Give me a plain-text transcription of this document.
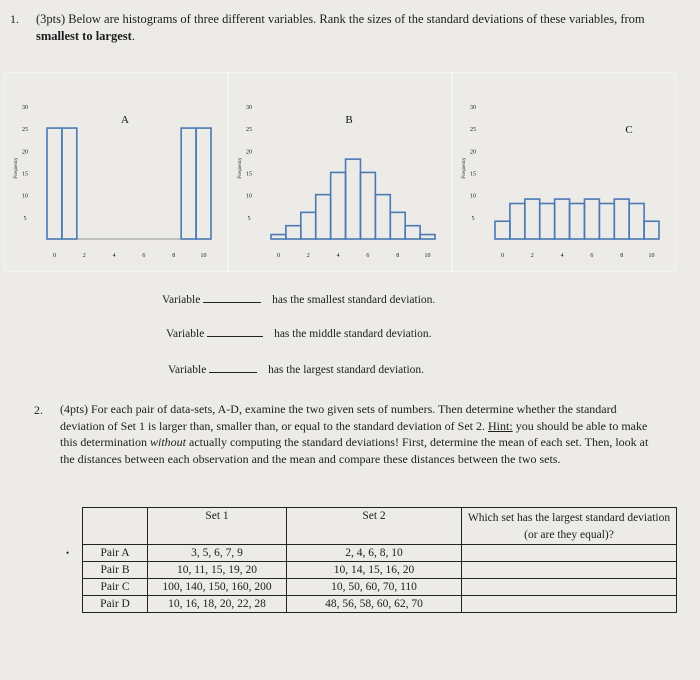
1. (3pts) Below are histograms of three different variables. Rank the sizes of the standard deviations of these variables, from smallest to largest.
30
25
20
15
10
5
Frequency
0	2	4	6	8	10
A
30
25
20
15
10
5
Frequency
0	2	4	6	8	10
B
30
25
20
15
10
5
Frequency
0	2	4	6	8	10
C
Variable	has the smallest standard deviation.
Variable	has the middle standard deviation.
Variable	has the largest standard deviation.
2. (4pts) For each pair of data-sets, A-D, examine the two given sets of numbers. Then determine whether the standard deviation of Set 1 is larger than, smaller than, or equal to the standard deviation of Set 2. Hint: you should be able to make this determination without actually computing the standard deviations! First, determine the mean of each set. Then, look at the distances between each observation and the mean and compare these distances between the two sets.
•
	Set 1	Set 2	Which set has the largest standard deviation (or are they equal)?
Pair A	3, 5, 6, 7, 9	2, 4, 6, 8, 10	
Pair B	10, 11, 15, 19, 20	10, 14, 15, 16, 20	
Pair C	100, 140, 150, 160, 200	10, 50, 60, 70, 110	
Pair D	10, 16, 18, 20, 22, 28	48, 56, 58, 60, 62, 70	
